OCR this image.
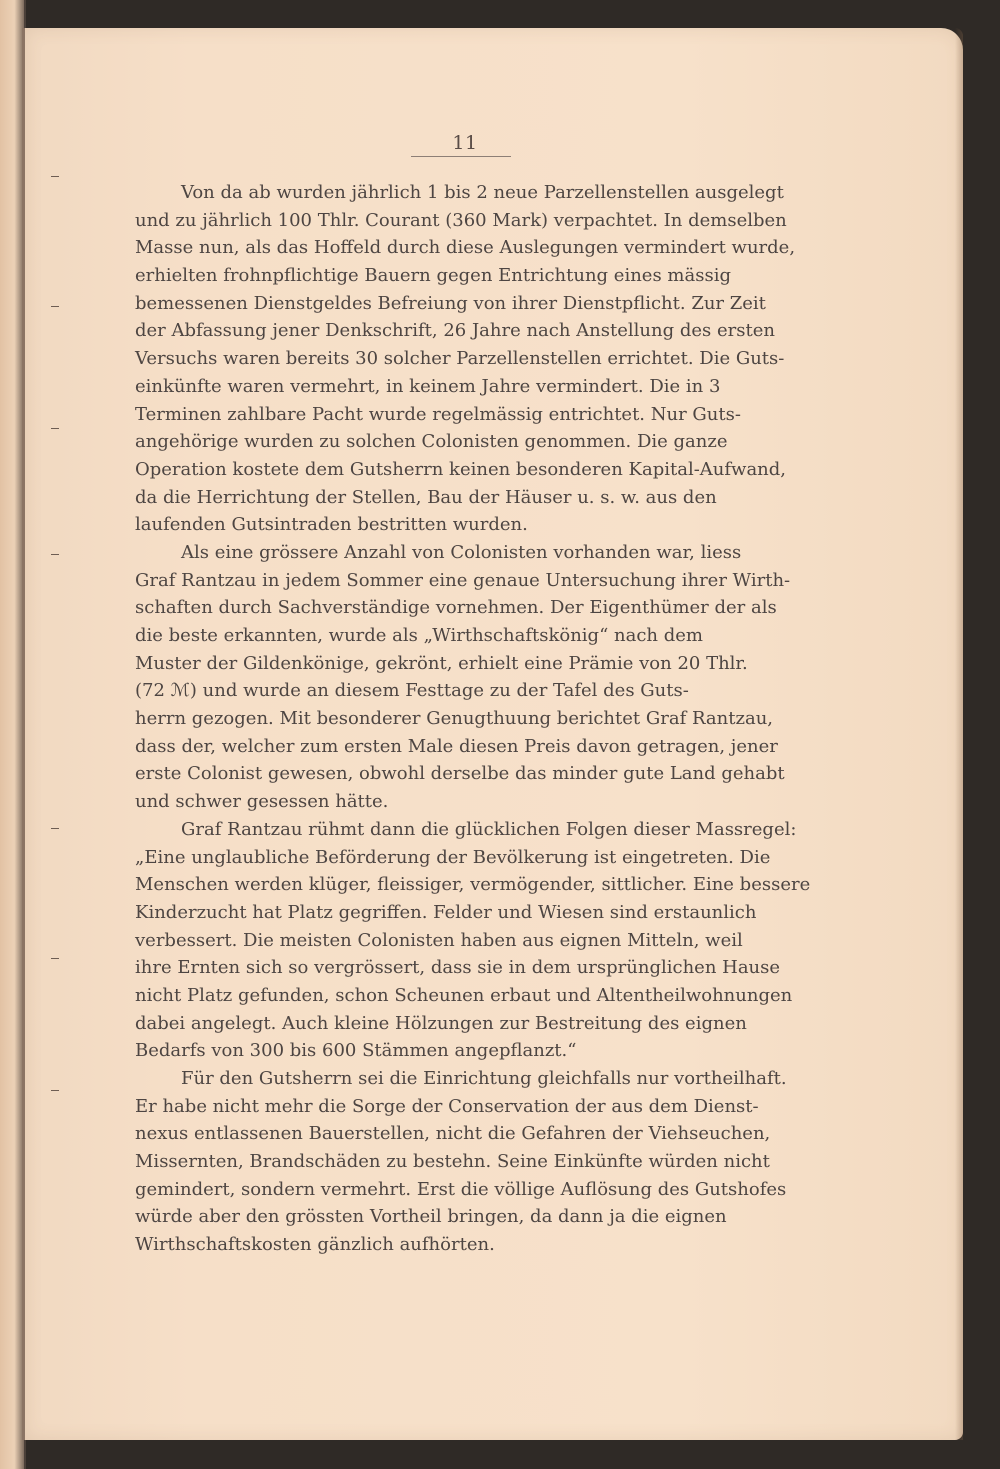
11
Von da ab wurden jährlich 1 bis 2 neue Parzellenstellen ausgelegt
und zu jährlich 100 Thlr. Courant (360 Mark) verpachtet. In demselben
Masse nun, als das Hoffeld durch diese Auslegungen vermindert wurde,
erhielten frohnpflichtige Bauern gegen Entrichtung eines mässig
bemessenen Dienstgeldes Befreiung von ihrer Dienstpflicht. Zur Zeit
der Abfassung jener Denkschrift, 26 Jahre nach Anstellung des ersten
Versuchs waren bereits 30 solcher Parzellenstellen errichtet. Die Guts-
einkünfte waren vermehrt, in keinem Jahre vermindert. Die in 3
Terminen zahlbare Pacht wurde regelmässig entrichtet. Nur Guts-
angehörige wurden zu solchen Colonisten genommen. Die ganze
Operation kostete dem Gutsherrn keinen besonderen Kapital-Aufwand,
da die Herrichtung der Stellen, Bau der Häuser u. s. w. aus den
laufenden Gutsintraden bestritten wurden.
Als eine grössere Anzahl von Colonisten vorhanden war, liess
Graf Rantzau in jedem Sommer eine genaue Untersuchung ihrer Wirth-
schaften durch Sachverständige vornehmen. Der Eigenthümer der als
die beste erkannten, wurde als „Wirthschaftskönig“ nach dem
Muster der Gildenkönige, gekrönt, erhielt eine Prämie von 20 Thlr.
(72 ℳ) und wurde an diesem Festtage zu der Tafel des Guts-
herrn gezogen. Mit besonderer Genugthuung berichtet Graf Rantzau,
dass der, welcher zum ersten Male diesen Preis davon getragen, jener
erste Colonist gewesen, obwohl derselbe das minder gute Land gehabt
und schwer gesessen hätte.
Graf Rantzau rühmt dann die glücklichen Folgen dieser Massregel:
„Eine unglaubliche Beförderung der Bevölkerung ist eingetreten. Die
Menschen werden klüger, fleissiger, vermögender, sittlicher. Eine bessere
Kinderzucht hat Platz gegriffen. Felder und Wiesen sind erstaunlich
verbessert. Die meisten Colonisten haben aus eignen Mitteln, weil
ihre Ernten sich so vergrössert, dass sie in dem ursprünglichen Hause
nicht Platz gefunden, schon Scheunen erbaut und Altentheilwohnungen
dabei angelegt. Auch kleine Hölzungen zur Bestreitung des eignen
Bedarfs von 300 bis 600 Stämmen angepflanzt.“
Für den Gutsherrn sei die Einrichtung gleichfalls nur vortheilhaft.
Er habe nicht mehr die Sorge der Conservation der aus dem Dienst-
nexus entlassenen Bauerstellen, nicht die Gefahren der Viehseuchen,
Missernten, Brandschäden zu bestehn. Seine Einkünfte würden nicht
gemindert, sondern vermehrt. Erst die völlige Auflösung des Gutshofes
würde aber den grössten Vortheil bringen, da dann ja die eignen
Wirthschaftskosten gänzlich aufhörten.
